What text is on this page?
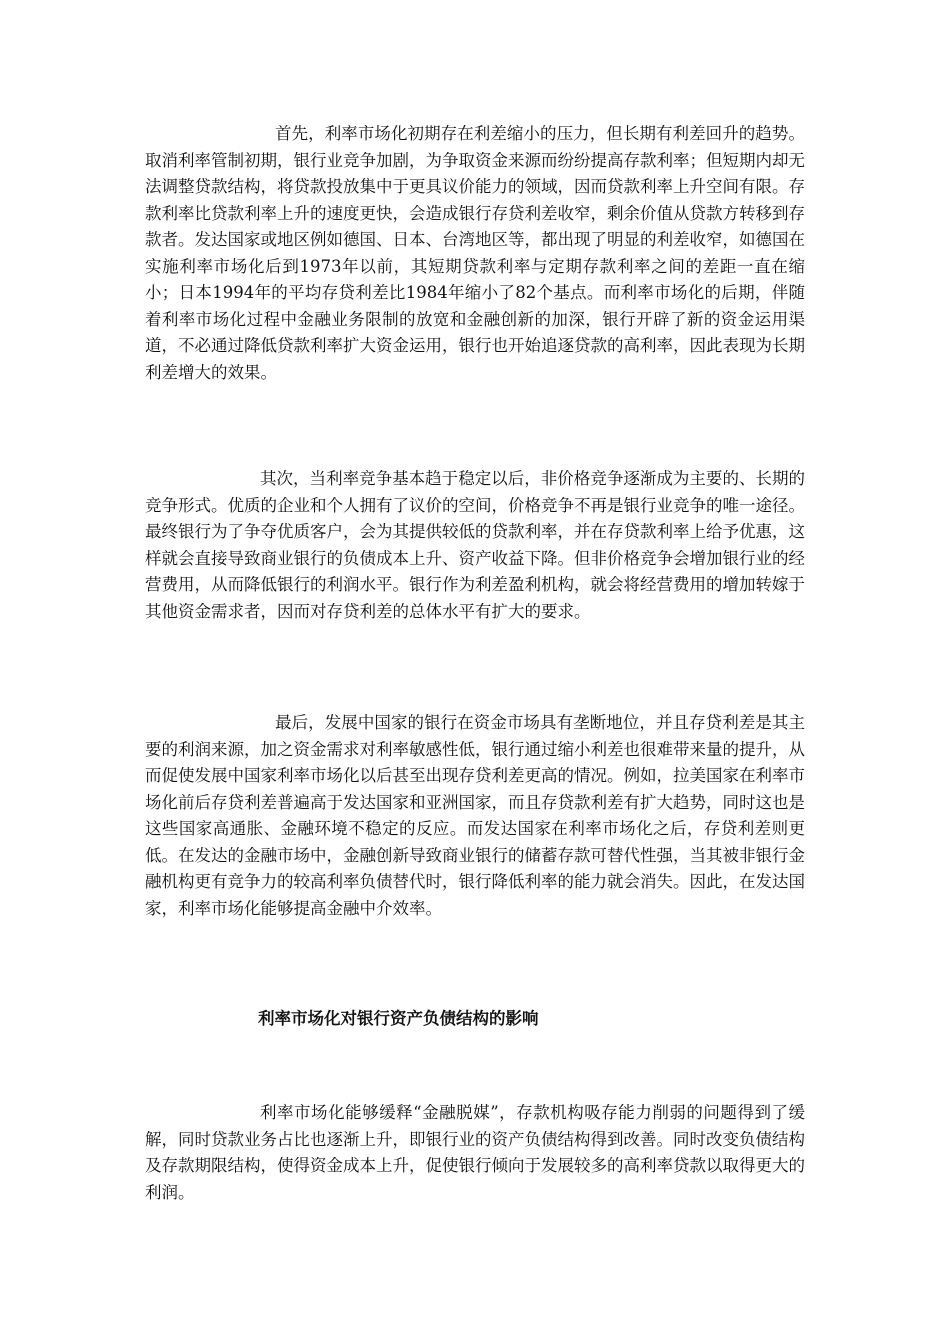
首先，利率市场化初期存在利差缩小的压力，但长期有利差回升的趋势。取消利率管制初期，银行业竞争加剧，为争取资金来源而纷纷提高存款利率；但短期内却无法调整贷款结构，将贷款投放集中于更具议价能力的领域，因而贷款利率上升空间有限。存款利率比贷款利率上升的速度更快，会造成银行存贷利差收窄，剩余价值从贷款方转移到存款者。发达国家或地区例如德国、日本、台湾地区等，都出现了明显的利差收窄，如德国在实施利率市场化后到1973年以前，其短期贷款利率与定期存款利率之间的差距一直在缩小；日本1994年的平均存贷利差比1984年缩小了82个基点。而利率市场化的后期，伴随着利率市场化过程中金融业务限制的放宽和金融创新的加深，银行开辟了新的资金运用渠道，不必通过降低贷款利率扩大资金运用，银行也开始追逐贷款的高利率，因此表现为长期利差增大的效果。

其次，当利率竞争基本趋于稳定以后，非价格竞争逐渐成为主要的、长期的竞争形式。优质的企业和个人拥有了议价的空间，价格竞争不再是银行业竞争的唯一途径。最终银行为了争夺优质客户，会为其提供较低的贷款利率，并在存贷款利率上给予优惠，这样就会直接导致商业银行的负债成本上升、资产收益下降。但非价格竞争会增加银行业的经营费用，从而降低银行的利润水平。银行作为利差盈利机构，就会将经营费用的增加转嫁于其他资金需求者，因而对存贷利差的总体水平有扩大的要求。

最后，发展中国家的银行在资金市场具有垄断地位，并且存贷利差是其主要的利润来源，加之资金需求对利率敏感性低，银行通过缩小利差也很难带来量的提升，从而促使发展中国家利率市场化以后甚至出现存贷利差更高的情况。例如，拉美国家在利率市场化前后存贷利差普遍高于发达国家和亚洲国家，而且存贷款利差有扩大趋势，同时这也是这些国家高通胀、金融环境不稳定的反应。而发达国家在利率市场化之后，存贷利差则更低。在发达的金融市场中，金融创新导致商业银行的储蓄存款可替代性强，当其被非银行金融机构更有竞争力的较高利率负债替代时，银行降低利率的能力就会消失。因此，在发达国家，利率市场化能够提高金融中介效率。

利率市场化对银行资产负债结构的影响

利率市场化能够缓释“金融脱媒”，存款机构吸存能力削弱的问题得到了缓解，同时贷款业务占比也逐渐上升，即银行业的资产负债结构得到改善。同时改变负债结构及存款期限结构，使得资金成本上升，促使银行倾向于发展较多的高利率贷款以取得更大的利润。
